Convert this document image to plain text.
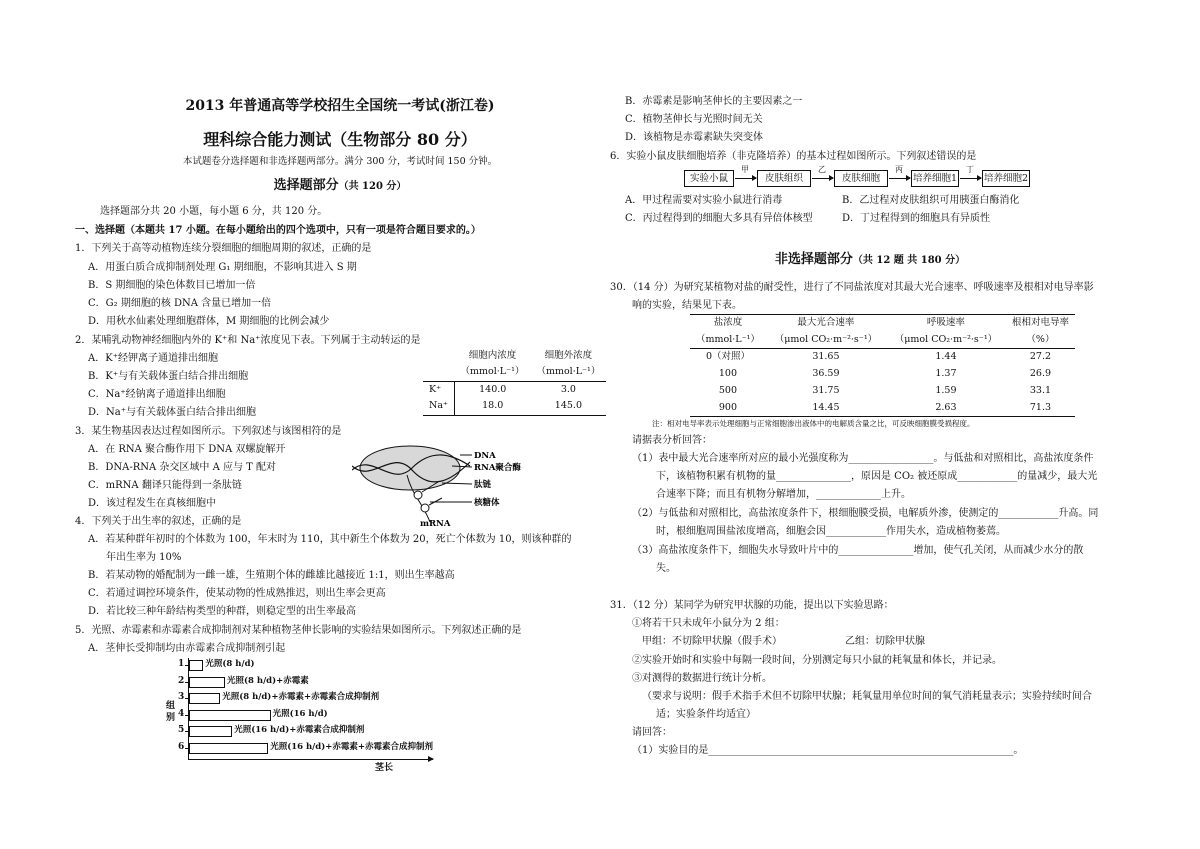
2013 年普通高等学校招生全国统一考试(浙江卷)
理科综合能力测试（生物部分 80 分）
本试题卷分选择题和非选择题两部分。满分 300 分，考试时间 150 分钟。
选择题部分（共 120 分）
选择题部分共 20 小题，每小题 6 分，共 120 分。
一、选择题（本题共 17 小题。在每小题给出的四个选项中，只有一项是符合题目要求的。）
1．下列关于高等动植物连续分裂细胞的细胞周期的叙述，正确的是
A．用蛋白质合成抑制剂处理 G₁ 期细胞，不影响其进入 S 期
B．S 期细胞的染色体数目已增加一倍
C．G₂ 期细胞的核 DNA 含量已增加一倍
D．用秋水仙素处理细胞群体，M 期细胞的比例会减少
2．某哺乳动物神经细胞内外的 K⁺和 Na⁺浓度见下表。下列属于主动转运的是
A．K⁺经钾离子通道排出细胞
B．K⁺与有关载体蛋白结合排出细胞
C．Na⁺经钠离子通道排出细胞
D．Na⁺与有关载体蛋白结合排出细胞
	细胞内浓度	细胞外浓度
	（mmol·L⁻¹）	（mmol·L⁻¹）
K⁺	140.0	3.0
Na⁺	18.0	145.0
3．某生物基因表达过程如图所示。下列叙述与该图相符的是
A．在 RNA 聚合酶作用下 DNA 双螺旋解开
B．DNA-RNA 杂交区域中 A 应与 T 配对
C．mRNA 翻译只能得到一条肽链
D．该过程发生在真核细胞中
DNA
RNA聚合酶
肽链
核糖体
mRNA
4．下列关于出生率的叙述，正确的是
A．若某种群年初时的个体数为 100，年末时为 110，其中新生个体数为 20，死亡个体数为 10，则该种群的
年出生率为 10%
B．若某动物的婚配制为一雌一雄，生殖期个体的雌雄比越接近 1:1，则出生率越高
C．若通过调控环境条件，使某动物的性成熟推迟，则出生率会更高
D．若比较三种年龄结构类型的种群，则稳定型的出生率最高
5．光照、赤霉素和赤霉素合成抑制剂对某种植物茎伸长影响的实验结果如图所示。下列叙述正确的是
A．茎伸长受抑制均由赤霉素合成抑制剂引起
组别
茎长
1 光照(8 h/d)
2	光照(8 h/d)+赤霉素
3	光照(8 h/d)+赤霉素+赤霉素合成抑制剂
4	光照(16 h/d)
5	光照(16 h/d)+赤霉素合成抑制剂
6	光照(16 h/d)+赤霉素+赤霉素合成抑制剂
B．赤霉素是影响茎伸长的主要因素之一
C．植物茎伸长与光照时间无关
D．该植物是赤霉素缺失突变体
6．实验小鼠皮肤细胞培养（非克隆培养）的基本过程如图所示。下列叙述错误的是
实验小鼠
甲
皮肤组织
乙
皮肤细胞
丙
培养细胞1
丁
培养细胞2
A．甲过程需要对实验小鼠进行消毒	B．乙过程对皮肤组织可用胰蛋白酶消化
C．丙过程得到的细胞大多具有异倍体核型	D．丁过程得到的细胞具有异质性
非选择题部分（共 12 题 共 180 分）
30．（14 分）为研究某植物对盐的耐受性，进行了不同盐浓度对其最大光合速率、呼吸速率及根相对电导率影
响的实验，结果见下表。
盐浓度	最大光合速率	呼吸速率	根相对电导率
（mmol·L⁻¹）	（μmol CO₂·m⁻²·s⁻¹）	（μmol CO₂·m⁻²·s⁻¹）	（%）
0（对照）	31.65	1.44	27.2
100	36.59	1.37	26.9
500	31.75	1.59	33.1
900	14.45	2.63	71.3
注：相对电导率表示处理细胞与正常细胞渗出液体中的电解质含量之比，可反映细胞膜受损程度。
请据表分析回答：
（1）表中最大光合速率所对应的最小光强度称为_________________。与低盐和对照相比，高盐浓度条件
下，该植物积累有机物的量_______________，原因是 CO₂ 被还原成____________的量减少，最大光
合速率下降；而且有机物分解增加，_____________上升。
（2）与低盐和对照相比，高盐浓度条件下，根细胞膜受损，电解质外渗，使测定的____________升高。同
时，根细胞周围盐浓度增高，细胞会因____________作用失水，造成植物萎蔫。
（3）高盐浓度条件下，细胞失水导致叶片中的_______________增加，使气孔关闭，从而减少水分的散
失。
31．（12 分）某同学为研究甲状腺的功能，提出以下实验思路：
①将若干只未成年小鼠分为 2 组：
甲组：不切除甲状腺（假手术）	乙组：切除甲状腺
②实验开始时和实验中每隔一段时间，分别测定每只小鼠的耗氧量和体长，并记录。
③对测得的数据进行统计分析。
（要求与说明：假手术指手术但不切除甲状腺；耗氧量用单位时间的氧气消耗量表示；实验持续时间合
适；实验条件均适宜）
请回答：
（1）实验目的是_____________________________________________________________。
